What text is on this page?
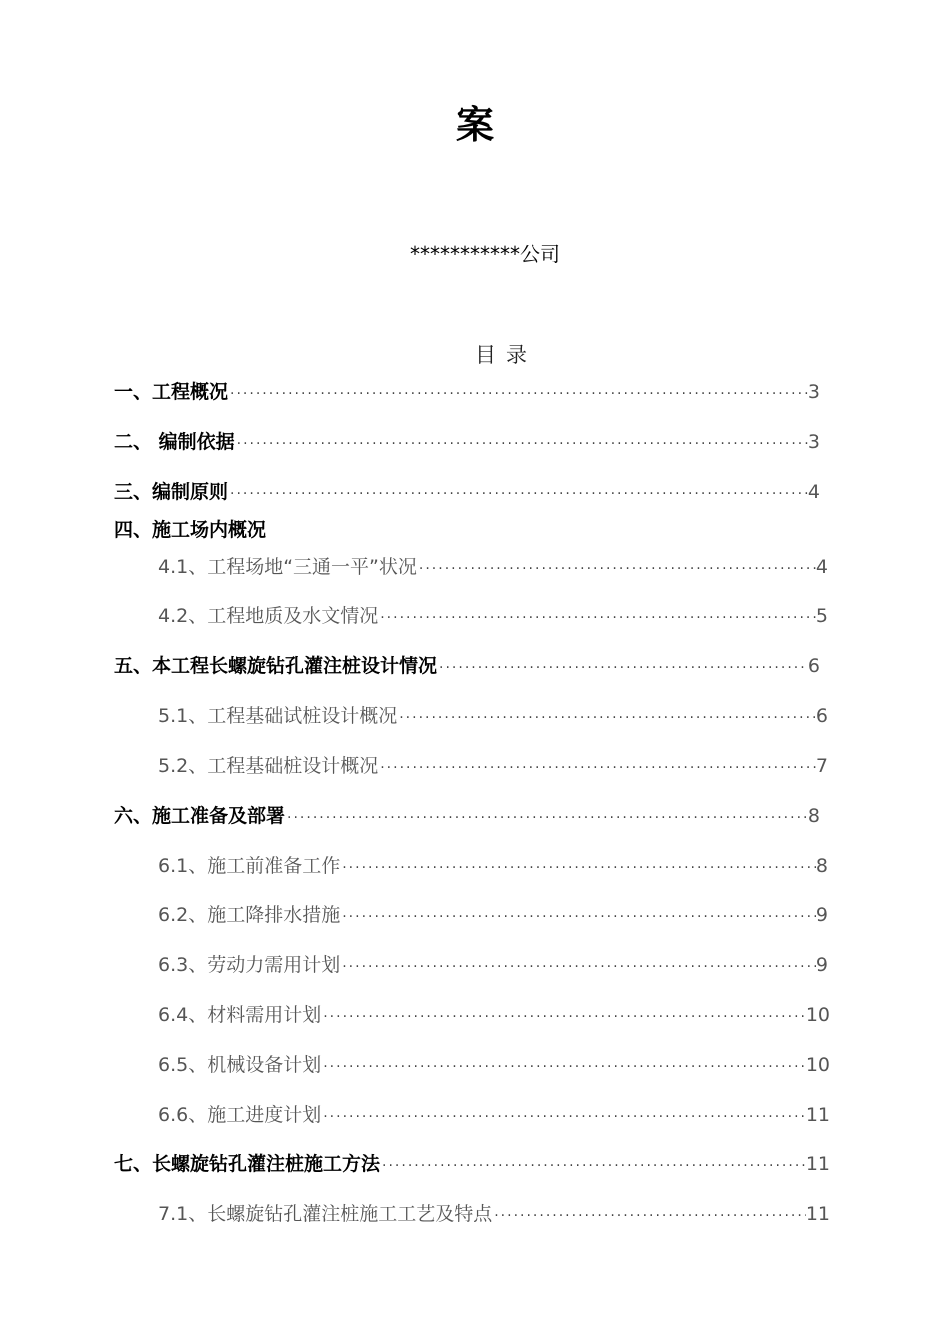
案
***********公司
目录
一、工程概况 ·····	3
二、 编制依据 ·····	3
三、编制原则 ·····	4
四、施工场内概况
4.1、工程场地“三通一平”状况 ·····	4
4.2、工程地质及水文情况 ·····	5
五、本工程长螺旋钻孔灌注桩设计情况 ·····	6
5.1、工程基础试桩设计概况 ·····	6
5.2、工程基础桩设计概况 ·····	7
六、施工准备及部署 ·····	8
6.1、施工前准备工作 ·····	8
6.2、施工降排水措施 ·····	9
6.3、劳动力需用计划 ·····	9
6.4、材料需用计划 ·····	10
6.5、机械设备计划 ·····	10
6.6、施工进度计划 ·····	11
七、长螺旋钻孔灌注桩施工方法 ·····	11
7.1、长螺旋钻孔灌注桩施工工艺及特点 ·····	11
